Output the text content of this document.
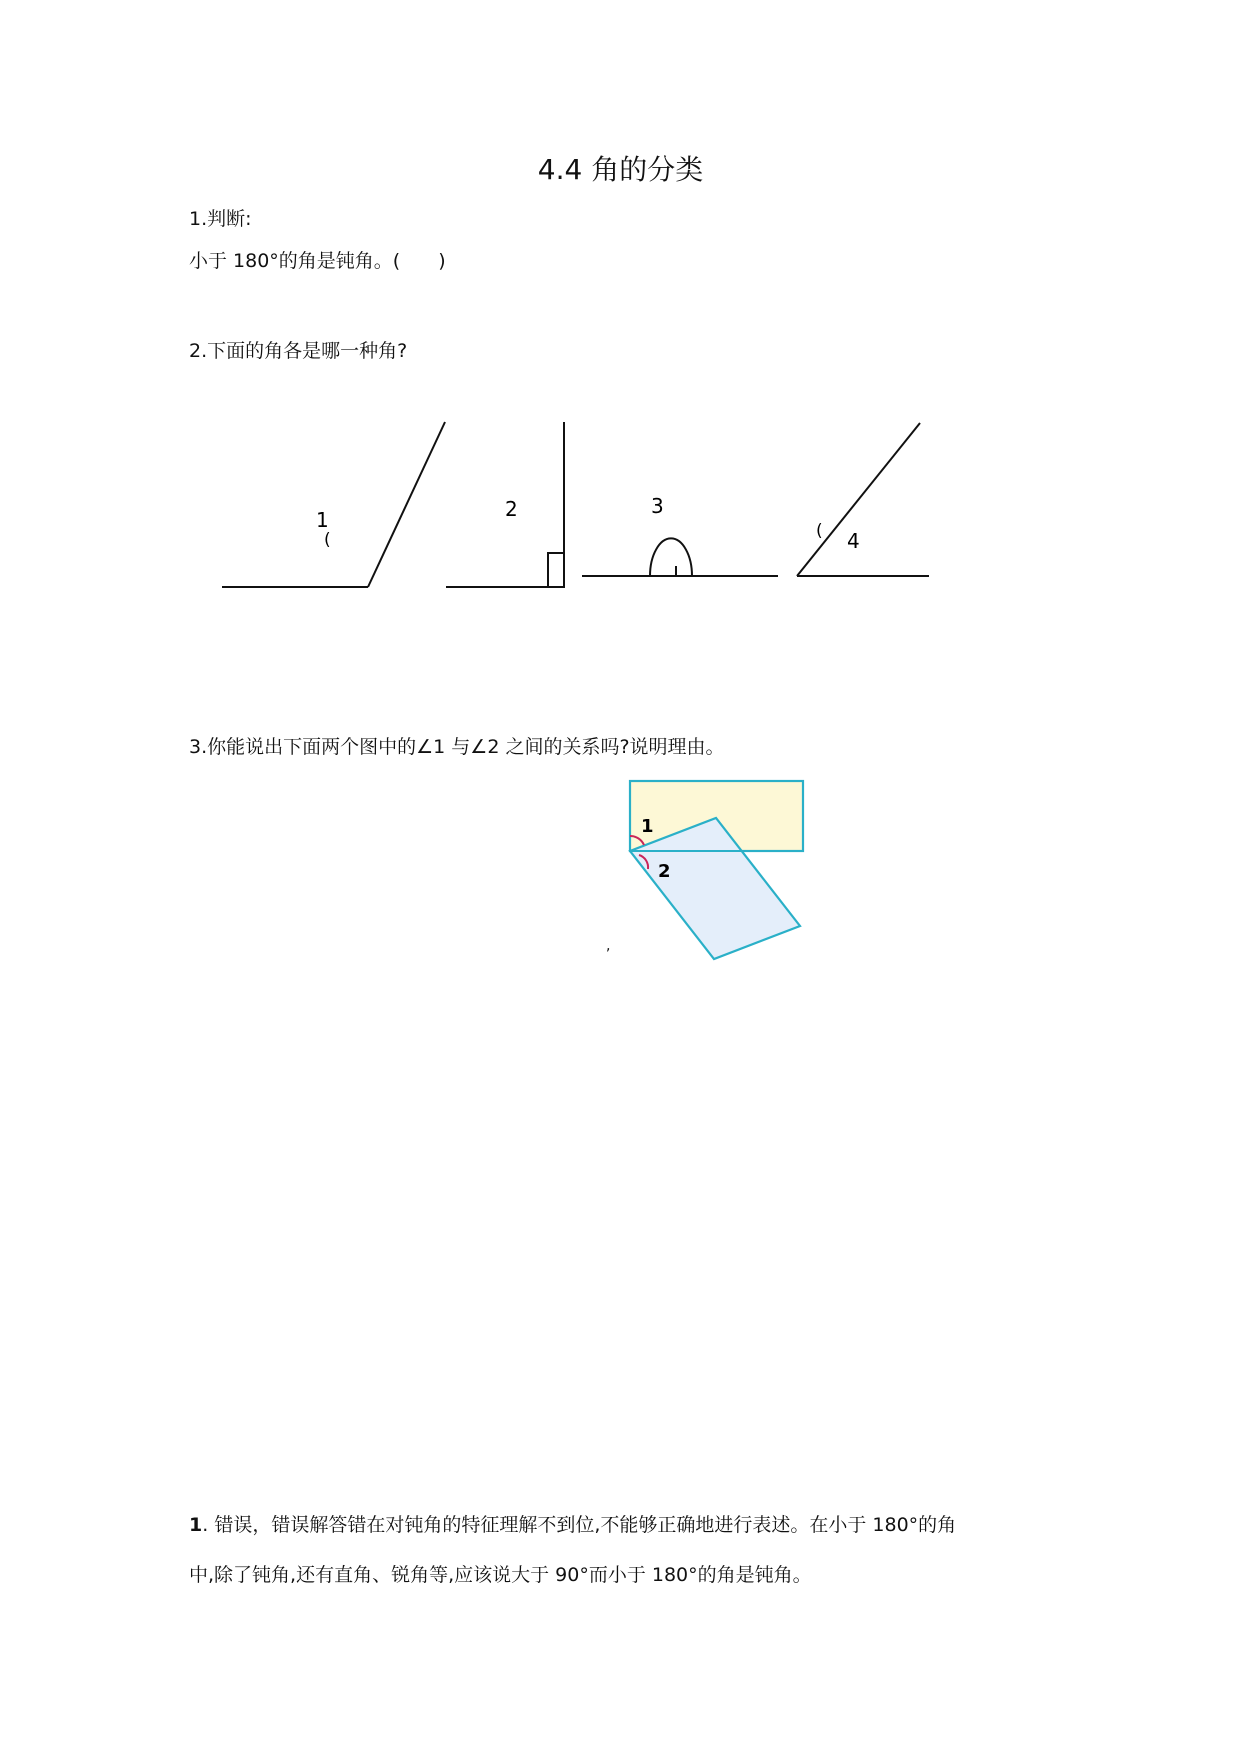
4.4 角的分类
1.判断:
小于 180°的角是钝角。(　　)
2.下面的角各是哪一种角?
1
(
2	3
( 4
3.你能说出下面两个图中的∠1 与∠2 之间的关系吗?说明理由。
1
2
,
1. 错误，错误解答错在对钝角的特征理解不到位,不能够正确地进行表述。在小于 180°的角
中,除了钝角,还有直角、锐角等,应该说大于 90°而小于 180°的角是钝角。
